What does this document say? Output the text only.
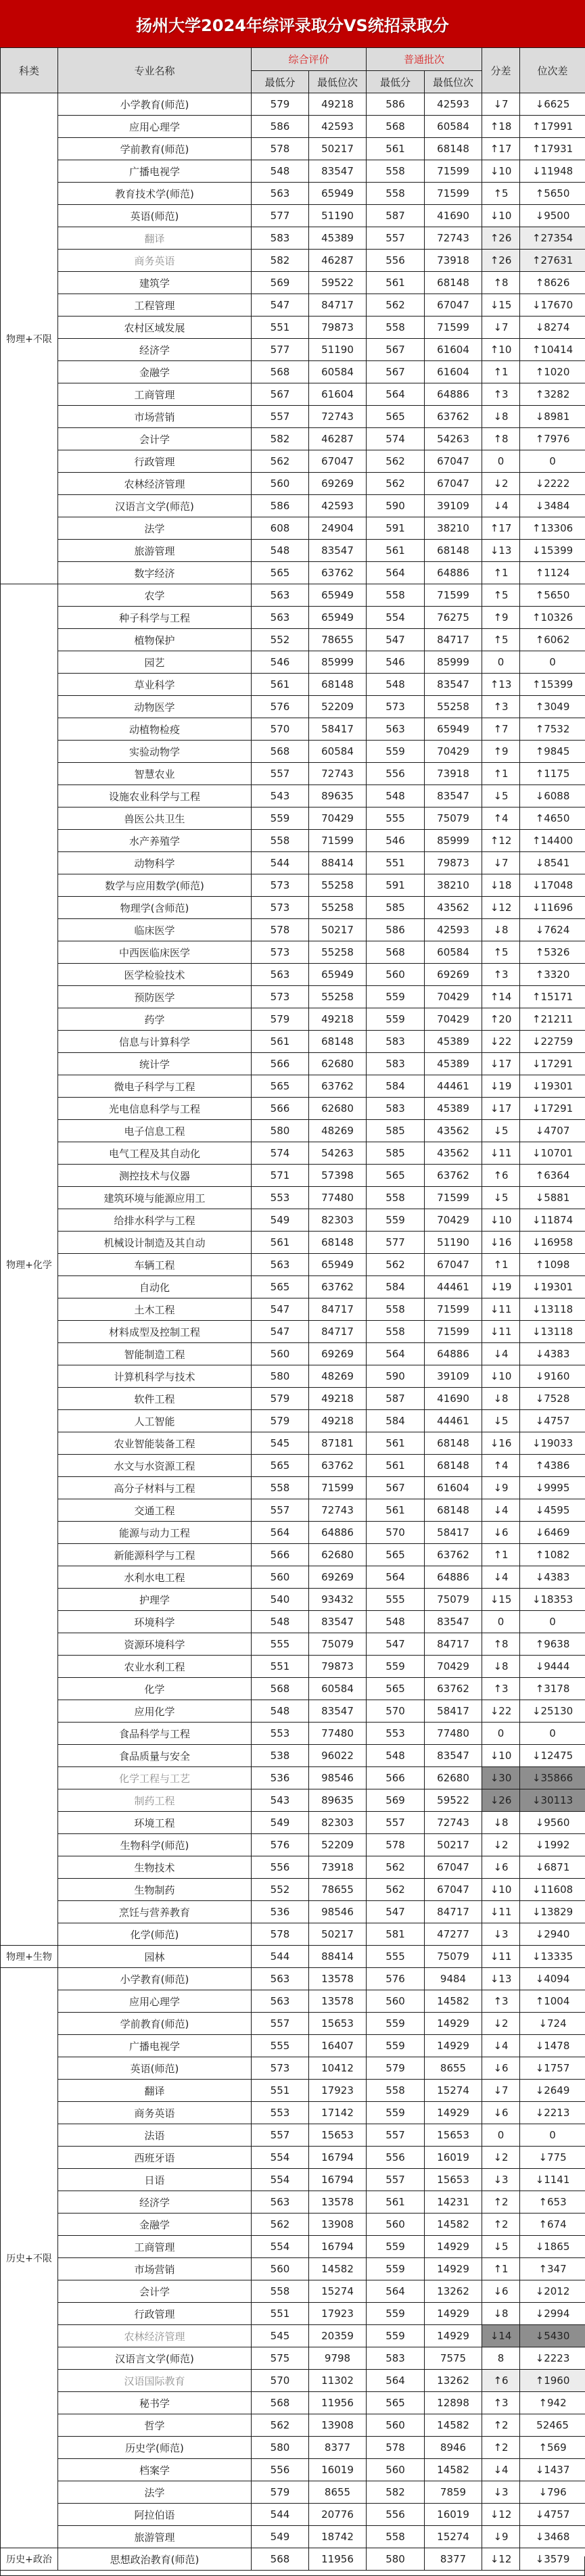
扬州大学2024年综评录取分VS统招录取分
科类	专业名称	综合评价		普通批次		分差	位次差
		最低分	最低位次	最低分	最低位次		
物理+不限	小学教育(师范)	579	49218	586	42593	↓7	↓6625
	应用心理学	586	42593	568	60584	↑18	↑17991
	学前教育(师范)	578	50217	561	68148	↑17	↑17931
	广播电视学	548	83547	558	71599	↓10	↓11948
	教育技术学(师范)	563	65949	558	71599	↑5	↑5650
	英语(师范)	577	51190	587	41690	↓10	↓9500
	翻译	583	45389	557	72743	↑26	↑27354
	商务英语	582	46287	556	73918	↑26	↑27631
	建筑学	569	59522	561	68148	↑8	↑8626
	工程管理	547	84717	562	67047	↓15	↓17670
	农村区域发展	551	79873	558	71599	↓7	↓8274
	经济学	577	51190	567	61604	↑10	↑10414
	金融学	568	60584	567	61604	↑1	↑1020
	工商管理	567	61604	564	64886	↑3	↑3282
	市场营销	557	72743	565	63762	↓8	↓8981
	会计学	582	46287	574	54263	↑8	↑7976
	行政管理	562	67047	562	67047	0	0
	农林经济管理	560	69269	562	67047	↓2	↓2222
	汉语言文学(师范)	586	42593	590	39109	↓4	↓3484
	法学	608	24904	591	38210	↑17	↑13306
	旅游管理	548	83547	561	68148	↓13	↓15399
	数字经济	565	63762	564	64886	↑1	↑1124
物理+化学	农学	563	65949	558	71599	↑5	↑5650
	种子科学与工程	563	65949	554	76275	↑9	↑10326
	植物保护	552	78655	547	84717	↑5	↑6062
	园艺	546	85999	546	85999	0	0
	草业科学	561	68148	548	83547	↑13	↑15399
	动物医学	576	52209	573	55258	↑3	↑3049
	动植物检疫	570	58417	563	65949	↑7	↑7532
	实验动物学	568	60584	559	70429	↑9	↑9845
	智慧农业	557	72743	556	73918	↑1	↑1175
	设施农业科学与工程	543	89635	548	83547	↓5	↓6088
	兽医公共卫生	559	70429	555	75079	↑4	↑4650
	水产养殖学	558	71599	546	85999	↑12	↑14400
	动物科学	544	88414	551	79873	↓7	↓8541
	数学与应用数学(师范)	573	55258	591	38210	↓18	↓17048
	物理学(含师范)	573	55258	585	43562	↓12	↓11696
	临床医学	578	50217	586	42593	↓8	↓7624
	中西医临床医学	573	55258	568	60584	↑5	↑5326
	医学检验技术	563	65949	560	69269	↑3	↑3320
	预防医学	573	55258	559	70429	↑14	↑15171
	药学	579	49218	559	70429	↑20	↑21211
	信息与计算科学	561	68148	583	45389	↓22	↓22759
	统计学	566	62680	583	45389	↓17	↓17291
	微电子科学与工程	565	63762	584	44461	↓19	↓19301
	光电信息科学与工程	566	62680	583	45389	↓17	↓17291
	电子信息工程	580	48269	585	43562	↓5	↓4707
	电气工程及其自动化	574	54263	585	43562	↓11	↓10701
	测控技术与仪器	571	57398	565	63762	↑6	↑6364
	建筑环境与能源应用工	553	77480	558	71599	↓5	↓5881
	给排水科学与工程	549	82303	559	70429	↓10	↓11874
	机械设计制造及其自动	561	68148	577	51190	↓16	↓16958
	车辆工程	563	65949	562	67047	↑1	↑1098
	自动化	565	63762	584	44461	↓19	↓19301
	土木工程	547	84717	558	71599	↓11	↓13118
	材料成型及控制工程	547	84717	558	71599	↓11	↓13118
	智能制造工程	560	69269	564	64886	↓4	↓4383
	计算机科学与技术	580	48269	590	39109	↓10	↓9160
	软件工程	579	49218	587	41690	↓8	↓7528
	人工智能	579	49218	584	44461	↓5	↓4757
	农业智能装备工程	545	87181	561	68148	↓16	↓19033
	水文与水资源工程	565	63762	561	68148	↑4	↑4386
	高分子材料与工程	558	71599	567	61604	↓9	↓9995
	交通工程	557	72743	561	68148	↓4	↓4595
	能源与动力工程	564	64886	570	58417	↓6	↓6469
	新能源科学与工程	566	62680	565	63762	↑1	↑1082
	水利水电工程	560	69269	564	64886	↓4	↓4383
	护理学	540	93432	555	75079	↓15	↓18353
	环境科学	548	83547	548	83547	0	0
	资源环境科学	555	75079	547	84717	↑8	↑9638
	农业水利工程	551	79873	559	70429	↓8	↓9444
	化学	568	60584	565	63762	↑3	↑3178
	应用化学	548	83547	570	58417	↓22	↓25130
	食品科学与工程	553	77480	553	77480	0	0
	食品质量与安全	538	96022	548	83547	↓10	↓12475
	化学工程与工艺	536	98546	566	62680	↓30	↓35866
	制药工程	543	89635	569	59522	↓26	↓30113
	环境工程	549	82303	557	72743	↓8	↓9560
	生物科学(师范)	576	52209	578	50217	↓2	↓1992
	生物技术	556	73918	562	67047	↓6	↓6871
	生物制药	552	78655	562	67047	↓10	↓11608
	烹饪与营养教育	536	98546	547	84717	↓11	↓13829
	化学(师范)	578	50217	581	47277	↓3	↓2940
物理+生物	园林	544	88414	555	75079	↓11	↓13335
历史+不限	小学教育(师范)	563	13578	576	9484	↓13	↓4094
	应用心理学	563	13578	560	14582	↑3	↑1004
	学前教育(师范)	557	15653	559	14929	↓2	↓724
	广播电视学	555	16407	559	14929	↓4	↓1478
	英语(师范)	573	10412	579	8655	↓6	↓1757
	翻译	551	17923	558	15274	↓7	↓2649
	商务英语	553	17142	559	14929	↓6	↓2213
	法语	557	15653	557	15653	0	0
	西班牙语	554	16794	556	16019	↓2	↓775
	日语	554	16794	557	15653	↓3	↓1141
	经济学	563	13578	561	14231	↑2	↑653
	金融学	562	13908	560	14582	↑2	↑674
	工商管理	554	16794	559	14929	↓5	↓1865
	市场营销	560	14582	559	14929	↑1	↑347
	会计学	558	15274	564	13262	↓6	↓2012
	行政管理	551	17923	559	14929	↓8	↓2994
	农林经济管理	545	20359	559	14929	↓14	↓5430
	汉语言文学(师范)	575	9798	583	7575	8	↓2223
	汉语国际教育	570	11302	564	13262	↑6	↑1960
	秘书学	568	11956	565	12898	↑3	↑942
	哲学	562	13908	560	14582	↑2	52465
	历史学(师范)	580	8377	578	8946	↑2	↑569
	档案学	556	16019	560	14582	↓4	↓1437
	法学	579	8655	582	7859	↓3	↓796
	阿拉伯语	544	20776	556	16019	↓12	↓4757
	旅游管理	549	18742	558	15274	↓9	↓3468
历史+政治	思想政治教育(师范)	568	11956	580	8377	↓12	↓3579
